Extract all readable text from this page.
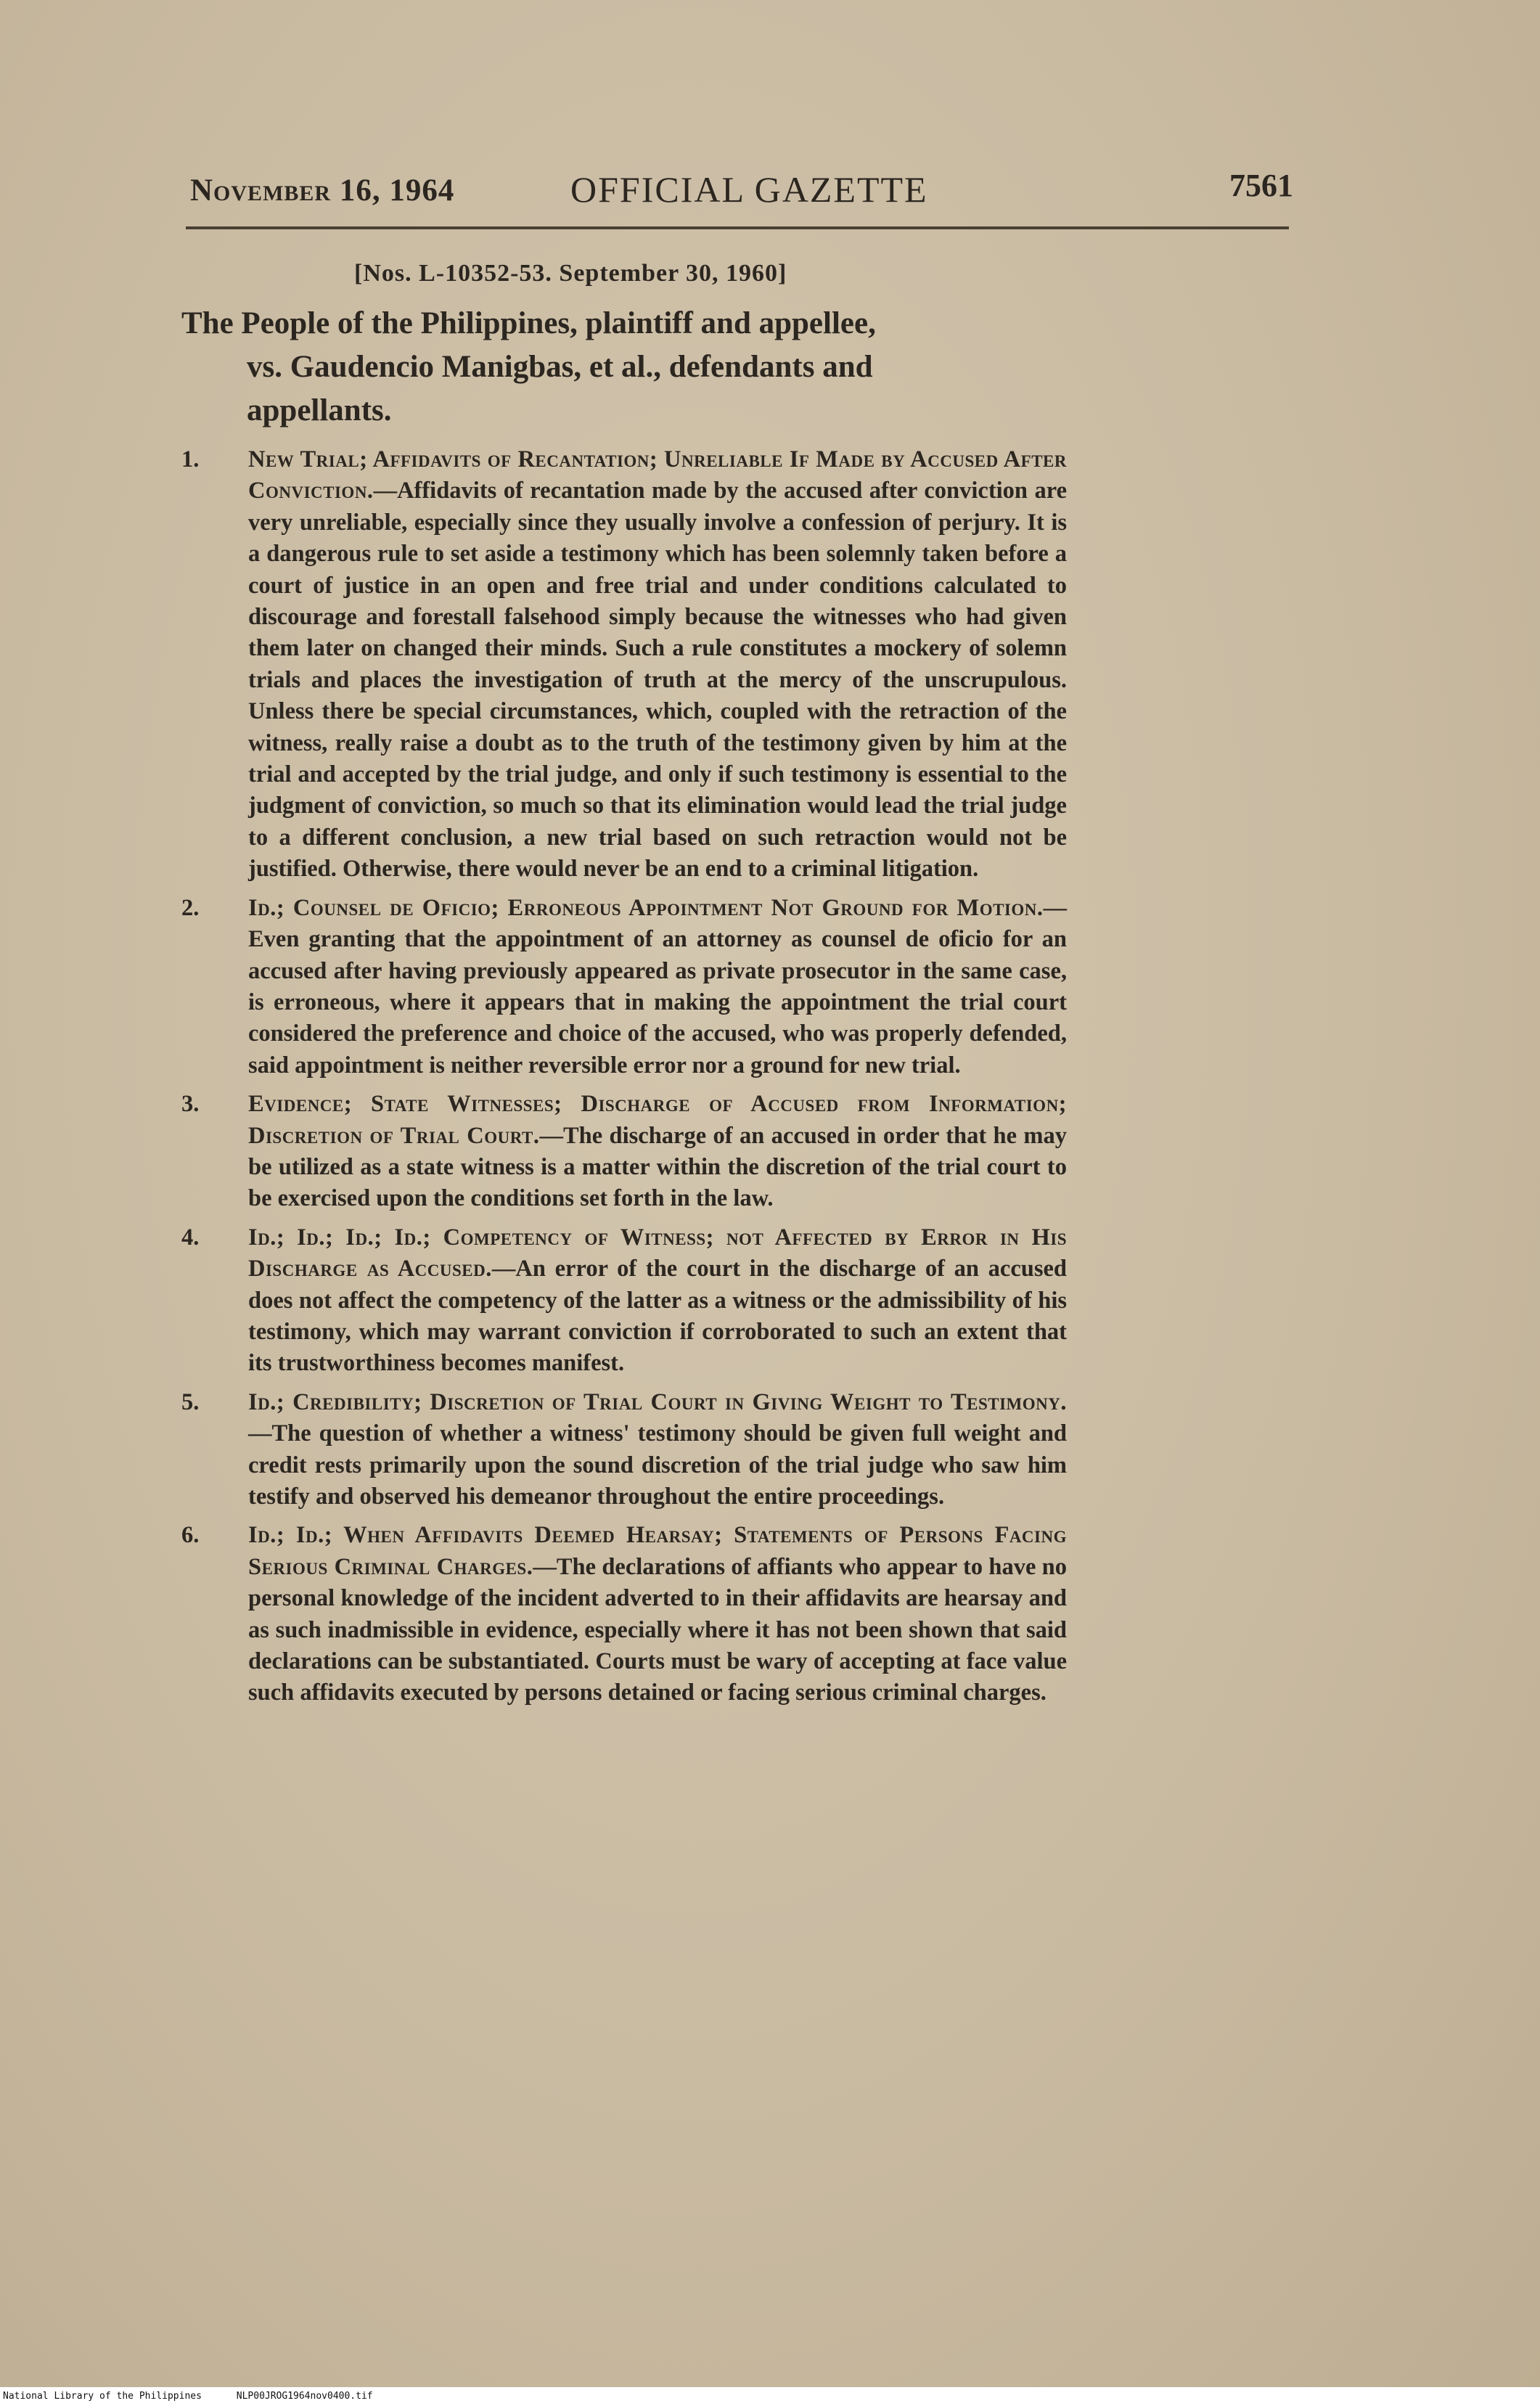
November 16, 1964	OFFICIAL GAZETTE	7561
[Nos. L-10352-53. September 30, 1960]
The People of the Philippines, plaintiff and appellee,
vs. Gaudencio Manigbas, et al., defendants and
appellants.
1.	New Trial; Affidavits of Recantation; Unreliable If Made by Accused After Conviction.—Affidavits of recantation made by the accused after conviction are very unreliable, especially since they usually involve a confession of perjury. It is a dangerous rule to set aside a testimony which has been solemnly taken before a court of justice in an open and free trial and under conditions calculated to discourage and forestall falsehood simply because the witnesses who had given them later on changed their minds. Such a rule constitutes a mockery of solemn trials and places the investigation of truth at the mercy of the unscrupulous. Unless there be special circumstances, which, coupled with the retraction of the witness, really raise a doubt as to the truth of the testimony given by him at the trial and accepted by the trial judge, and only if such testimony is essential to the judgment of conviction, so much so that its elimination would lead the trial judge to a different conclusion, a new trial based on such retraction would not be justified. Otherwise, there would never be an end to a criminal litigation.
2.	Id.; Counsel de Oficio; Erroneous Appointment Not Ground for Motion.—Even granting that the appointment of an attorney as counsel de oficio for an accused after having previously appeared as private prosecutor in the same case, is erroneous, where it appears that in making the appointment the trial court considered the preference and choice of the accused, who was properly defended, said appointment is neither reversible error nor a ground for new trial.
3.	Evidence; State Witnesses; Discharge of Accused from Information; Discretion of Trial Court.—The discharge of an accused in order that he may be utilized as a state witness is a matter within the discretion of the trial court to be exercised upon the conditions set forth in the law.
4.	Id.; Id.; Id.; Id.; Competency of Witness; not Affected by Error in His Discharge as Accused.—An error of the court in the discharge of an accused does not affect the competency of the latter as a witness or the admissibility of his testimony, which may warrant conviction if corroborated to such an extent that its trustworthiness becomes manifest.
5.	Id.; Credibility; Discretion of Trial Court in Giving Weight to Testimony.—The question of whether a witness' testimony should be given full weight and credit rests primarily upon the sound discretion of the trial judge who saw him testify and observed his demeanor throughout the entire proceedings.
6.	Id.; Id.; When Affidavits Deemed Hearsay; Statements of Persons Facing Serious Criminal Charges.—The declarations of affiants who appear to have no personal knowledge of the incident adverted to in their affidavits are hearsay and as such inadmissible in evidence, especially where it has not been shown that said declarations can be substantiated. Courts must be wary of accepting at face value such affidavits executed by persons detained or facing serious criminal charges.
National Library of the Philippines	NLP00JROG1964nov0400.tif
